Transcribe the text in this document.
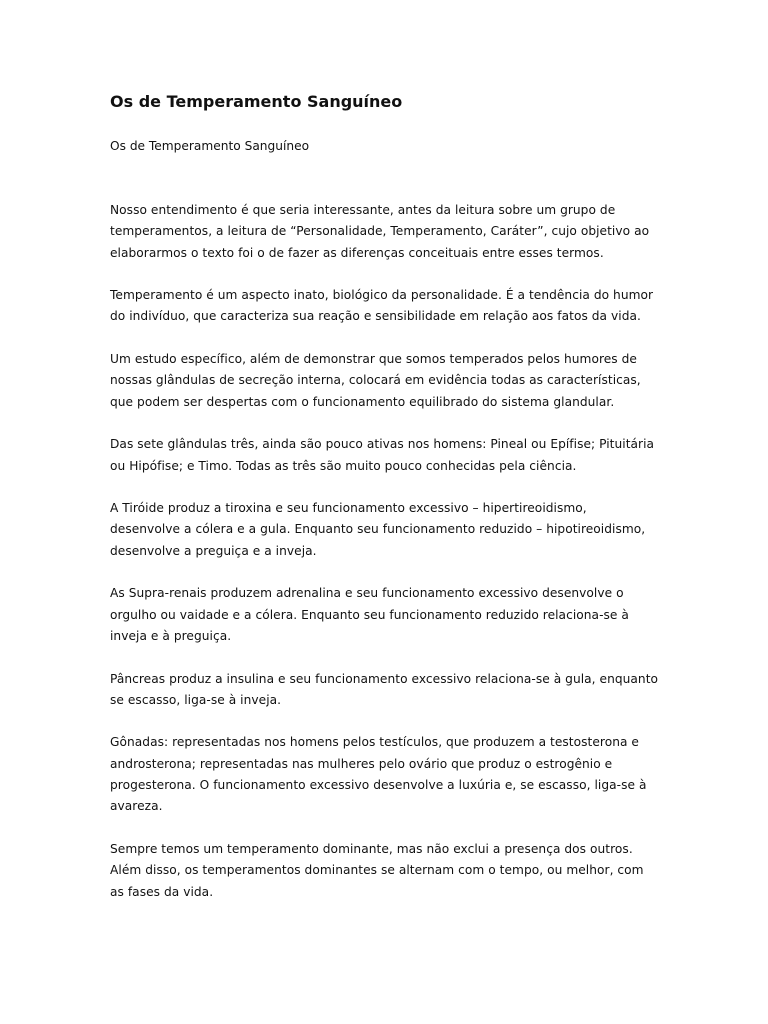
Os de Temperamento Sanguíneo

Os de Temperamento Sanguíneo

Nosso entendimento é que seria interessante, antes da leitura sobre um grupo de temperamentos, a leitura de “Personalidade, Temperamento, Caráter”, cujo objetivo ao elaborarmos o texto foi o de fazer as diferenças conceituais entre esses termos.

Temperamento é um aspecto inato, biológico da personalidade. É a tendência do humor do indivíduo, que caracteriza sua reação e sensibilidade em relação aos fatos da vida.

Um estudo específico, além de demonstrar que somos temperados pelos humores de nossas glândulas de secreção interna, colocará em evidência todas as características, que podem ser despertas com o funcionamento equilibrado do sistema glandular.

Das sete glândulas três, ainda são pouco ativas nos homens: Pineal ou Epífise; Pituitária ou Hipófise; e Timo. Todas as três são muito pouco conhecidas pela ciência.

A Tiróide produz a tiroxina e seu funcionamento excessivo – hipertireoidismo, desenvolve a cólera e a gula. Enquanto seu funcionamento reduzido – hipotireoidismo, desenvolve a preguiça e a inveja.

As Supra-renais produzem adrenalina e seu funcionamento excessivo desenvolve o orgulho ou vaidade e a cólera. Enquanto seu funcionamento reduzido relaciona-se à inveja e à preguiça.

Pâncreas produz a insulina e seu funcionamento excessivo relaciona-se à gula, enquanto se escasso, liga-se à inveja.

Gônadas: representadas nos homens pelos testículos, que produzem a testosterona e androsterona; representadas nas mulheres pelo ovário que produz o estrogênio e progesterona. O funcionamento excessivo desenvolve a luxúria e, se escasso, liga-se à avareza.

Sempre temos um temperamento dominante, mas não exclui a presença dos outros. Além disso, os temperamentos dominantes se alternam com o tempo, ou melhor, com as fases da vida.
